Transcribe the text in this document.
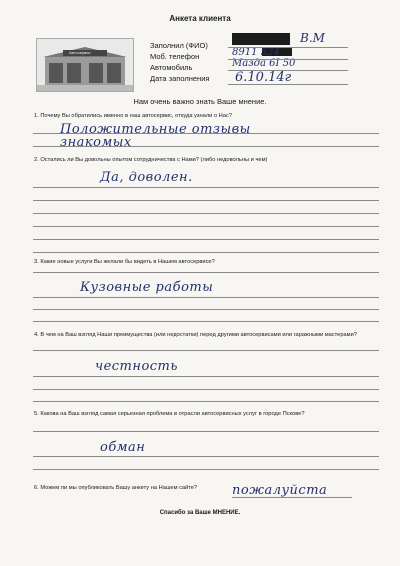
Анкета клиента
Автосервис
Заполнил (ФИО)
Моб. телефон
Автомобиль
Дата заполнения
В.М
8911 524
Мазда 6I 50
6.10.14г
Нам очень важно знать Ваше мнение.
1. Почему Вы обратились именно в наш автосервис, откуда узнали о Нас?
Положительные отзывы знакомых
2. Остались ли Вы довольны опытом сотрудничества с Нами? (либо недовольны и чем)
Да, доволен.
3. Какие новые услуги Вы желали бы видеть в Нашем автосервисе?
Кузовные работы
4. В чем на Ваш взгляд Наши преимущества (или недостатки) перед другими автосервисами или гаражными мастерами?
честность
5. Какова на Ваш взгляд самая серьезная проблема в отрасли автосервисных услуг в городе Пскове?
обман
6. Можем ли мы опубликовать Вашу анкету на Нашем сайте?	пожалуйста
Спасибо за Ваше МНЕНИЕ.
